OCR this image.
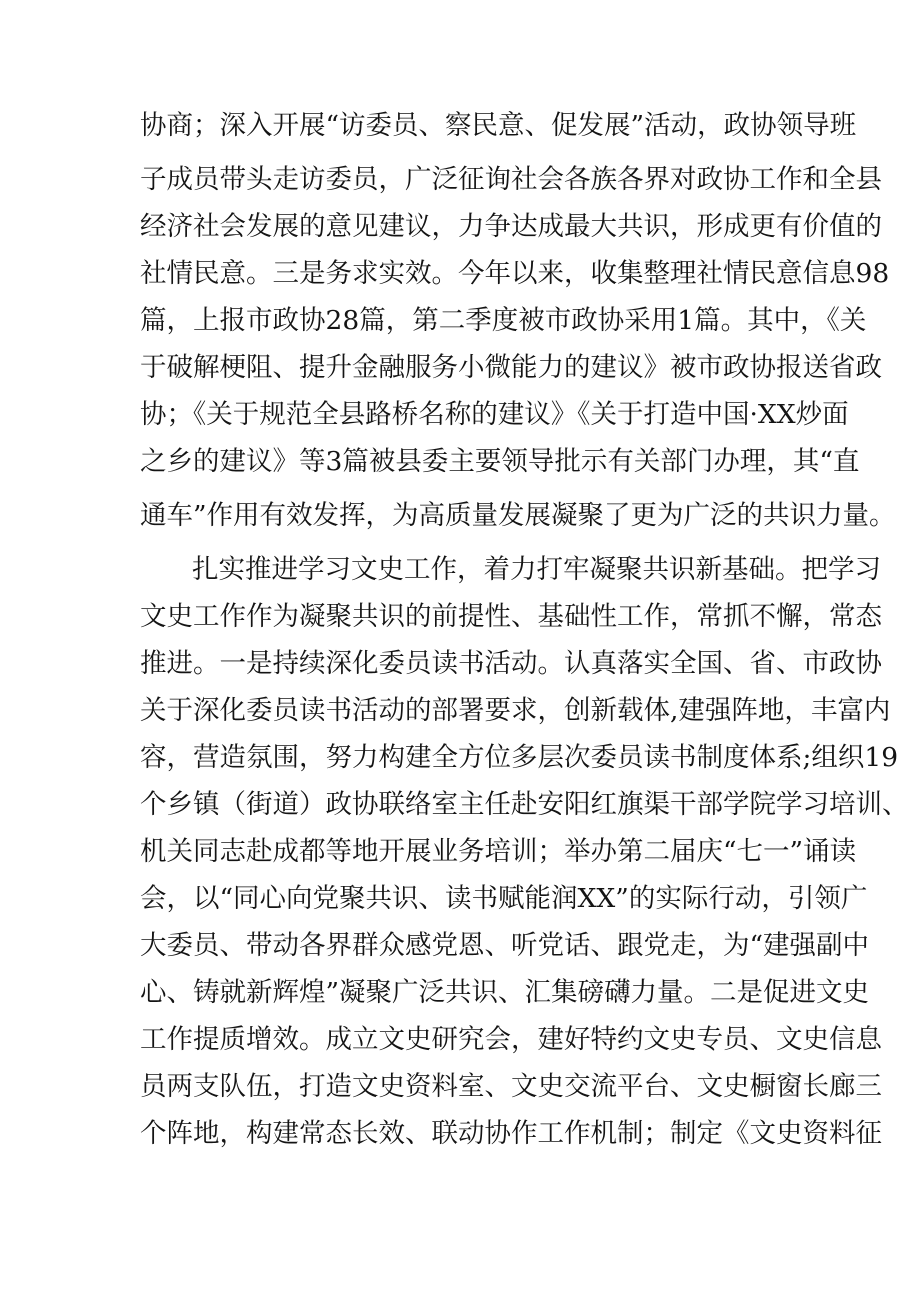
协商；深入开展“访委员、察民意、促发展”活动，政协领导班
子成员带头走访委员，广泛征询社会各族各界对政协工作和全县
经济社会发展的意见建议，力争达成最大共识，形成更有价值的
社情民意。三是务求实效。今年以来，收集整理社情民意信息98
篇，上报市政协28篇，第二季度被市政协采用1篇。其中，《关
于破解梗阻、提升金融服务小微能力的建议》被市政协报送省政
协；《关于规范全县路桥名称的建议》《关于打造中国·XX炒面
之乡的建议》等3篇被县委主要领导批示有关部门办理，其“直
通车”作用有效发挥，为高质量发展凝聚了更为广泛的共识力量。
扎实推进学习文史工作，着力打牢凝聚共识新基础。把学习
文史工作作为凝聚共识的前提性、基础性工作，常抓不懈，常态
推进。一是持续深化委员读书活动。认真落实全国、省、市政协
关于深化委员读书活动的部署要求，创新载体,建强阵地，丰富内
容，营造氛围，努力构建全方位多层次委员读书制度体系;组织19
个乡镇（街道）政协联络室主任赴安阳红旗渠干部学院学习培训、
机关同志赴成都等地开展业务培训；举办第二届庆“七一”诵读
会，以“同心向党聚共识、读书赋能润XX”的实际行动，引领广
大委员、带动各界群众感党恩、听党话、跟党走，为“建强副中
心、铸就新辉煌”凝聚广泛共识、汇集磅礴力量。二是促进文史
工作提质增效。成立文史研究会，建好特约文史专员、文史信息
员两支队伍，打造文史资料室、文史交流平台、文史橱窗长廊三
个阵地，构建常态长效、联动协作工作机制；制定《文史资料征
